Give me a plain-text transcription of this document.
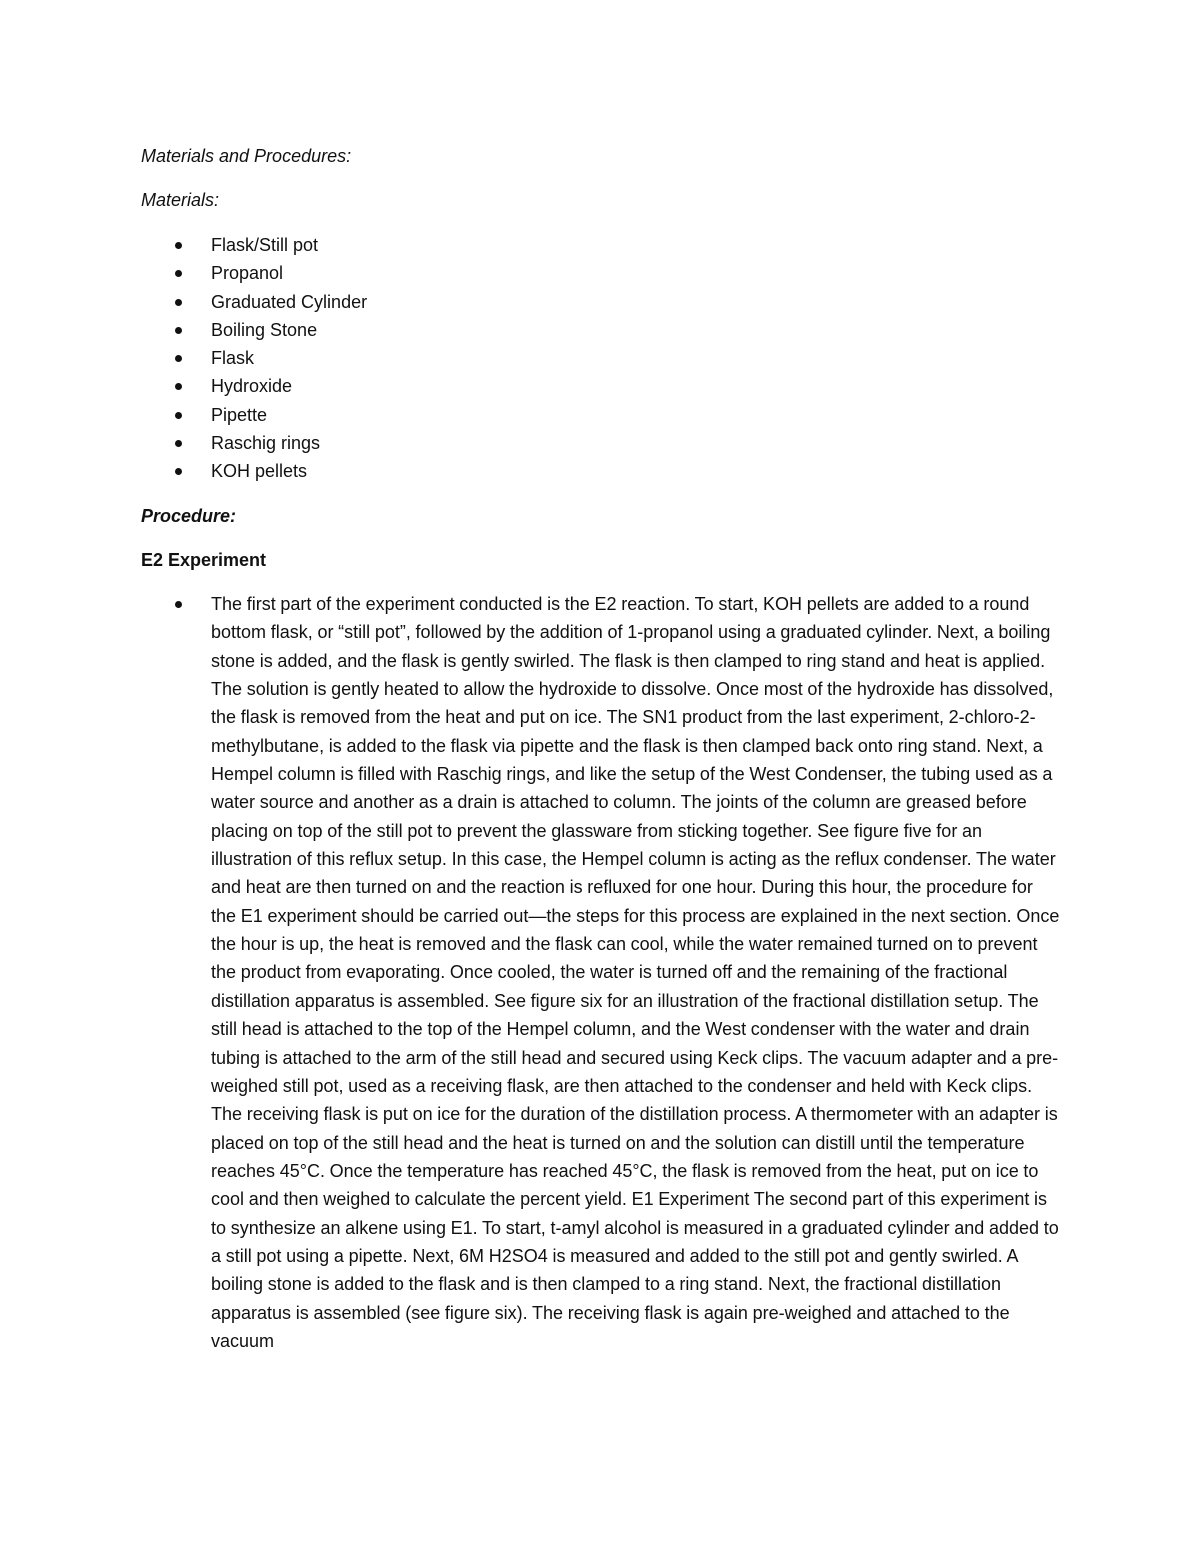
Materials and Procedures:
Materials:
Flask/Still pot
Propanol
Graduated Cylinder
Boiling Stone
Flask
Hydroxide
Pipette
Raschig rings
KOH pellets
Procedure:
E2 Experiment

The first part of the experiment conducted is the E2 reaction. To start, KOH pellets are added to a round bottom flask, or “still pot”, followed by the addition of 1-propanol using a graduated cylinder. Next, a boiling stone is added, and the flask is gently swirled. The flask is then clamped to ring stand and heat is applied. The solution is gently heated to allow the hydroxide to dissolve. Once most of the hydroxide has dissolved, the flask is removed from the heat and put on ice. The SN1 product from the last experiment, 2-chloro-2-methylbutane, is added to the flask via pipette and the flask is then clamped back onto ring stand. Next, a Hempel column is filled with Raschig rings, and like the setup of the West Condenser, the tubing used as a water source and another as a drain is attached to column. The joints of the column are greased before placing on top of the still pot to prevent the glassware from sticking together. See figure five for an illustration of this reflux setup. In this case, the Hempel column is acting as the reflux condenser. The water and heat are then turned on and the reaction is refluxed for one hour. During this hour, the procedure for the E1 experiment should be carried out—the steps for this process are explained in the next section. Once the hour is up, the heat is removed and the flask can cool, while the water remained turned on to prevent the product from evaporating. Once cooled, the water is turned off and the remaining of the fractional distillation apparatus is assembled. See figure six for an illustration of the fractional distillation setup. The still head is attached to the top of the Hempel column, and the West condenser with the water and drain tubing is attached to the arm of the still head and secured using Keck clips. The vacuum adapter and a pre-weighed still pot, used as a receiving flask, are then attached to the condenser and held with Keck clips. The receiving flask is put on ice for the duration of the distillation process. A thermometer with an adapter is placed on top of the still head and the heat is turned on and the solution can distill until the temperature reaches 45°C. Once the temperature has reached 45°C, the flask is removed from the heat, put on ice to cool and then weighed to calculate the percent yield. E1 Experiment The second part of this experiment is to synthesize an alkene using E1. To start, t-amyl alcohol is measured in a graduated cylinder and added to a still pot using a pipette. Next, 6M H2SO4 is measured and added to the still pot and gently swirled. A boiling stone is added to the flask and is then clamped to a ring stand. Next, the fractional distillation apparatus is assembled (see figure six). The receiving flask is again pre-weighed and attached to the vacuum
